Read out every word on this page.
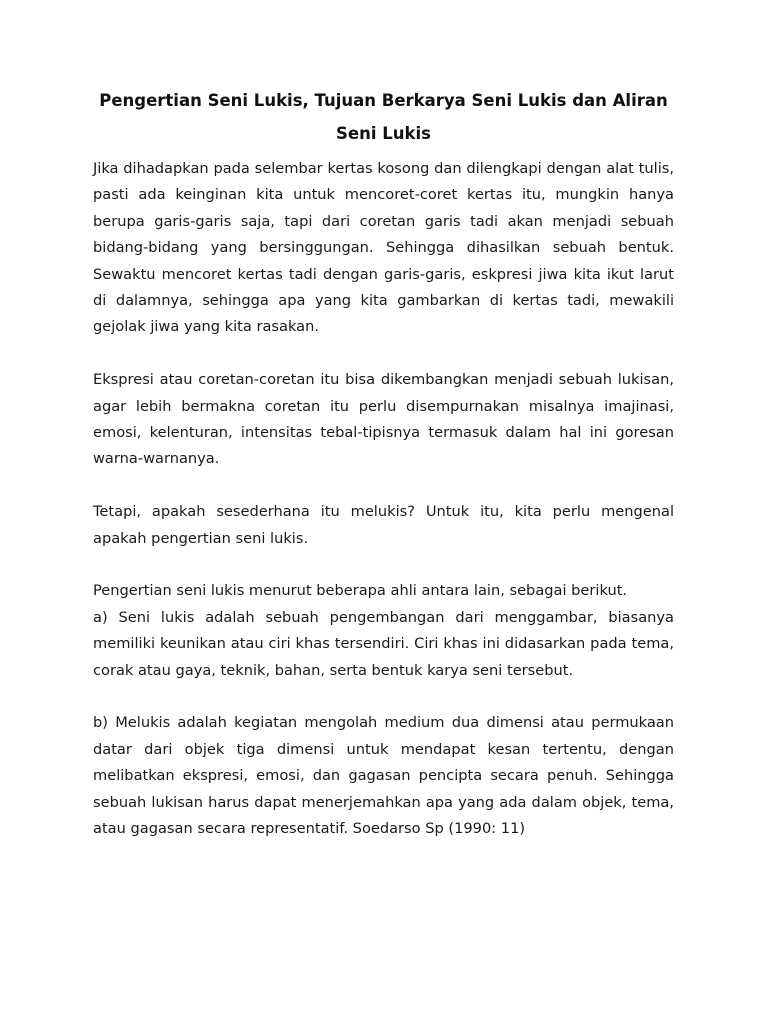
Pengertian Seni Lukis, Tujuan Berkarya Seni Lukis dan Aliran Seni Lukis

Jika dihadapkan pada selembar kertas kosong dan dilengkapi dengan alat tulis, pasti ada keinginan kita untuk mencoret-coret kertas itu, mungkin hanya berupa garis-garis saja, tapi dari coretan garis tadi akan menjadi sebuah bidang-bidang yang bersinggungan. Sehingga dihasilkan sebuah bentuk. Sewaktu mencoret kertas tadi dengan garis-garis, eskpresi jiwa kita ikut larut di dalamnya, sehingga apa yang kita gambarkan di kertas tadi, mewakili gejolak jiwa yang kita rasakan.

Ekspresi atau coretan-coretan itu bisa dikembangkan menjadi sebuah lukisan, agar lebih bermakna coretan itu perlu disempurnakan misalnya imajinasi, emosi, kelenturan, intensitas tebal-tipisnya termasuk dalam hal ini goresan warna-warnanya.

Tetapi, apakah sesederhana itu melukis? Untuk itu, kita perlu mengenal apakah pengertian seni lukis.

Pengertian seni lukis menurut beberapa ahli antara lain, sebagai berikut.

a) Seni lukis adalah sebuah pengembangan dari menggambar, biasanya memiliki keunikan atau ciri khas tersendiri. Ciri khas ini didasarkan pada tema, corak atau gaya, teknik, bahan, serta bentuk karya seni tersebut.

b) Melukis adalah kegiatan mengolah medium dua dimensi atau permukaan datar dari objek tiga dimensi untuk mendapat kesan tertentu, dengan melibatkan ekspresi, emosi, dan gagasan pencipta secara penuh. Sehingga sebuah lukisan harus dapat menerjemahkan apa yang ada dalam objek, tema, atau gagasan secara representatif. Soedarso Sp (1990: 11)
